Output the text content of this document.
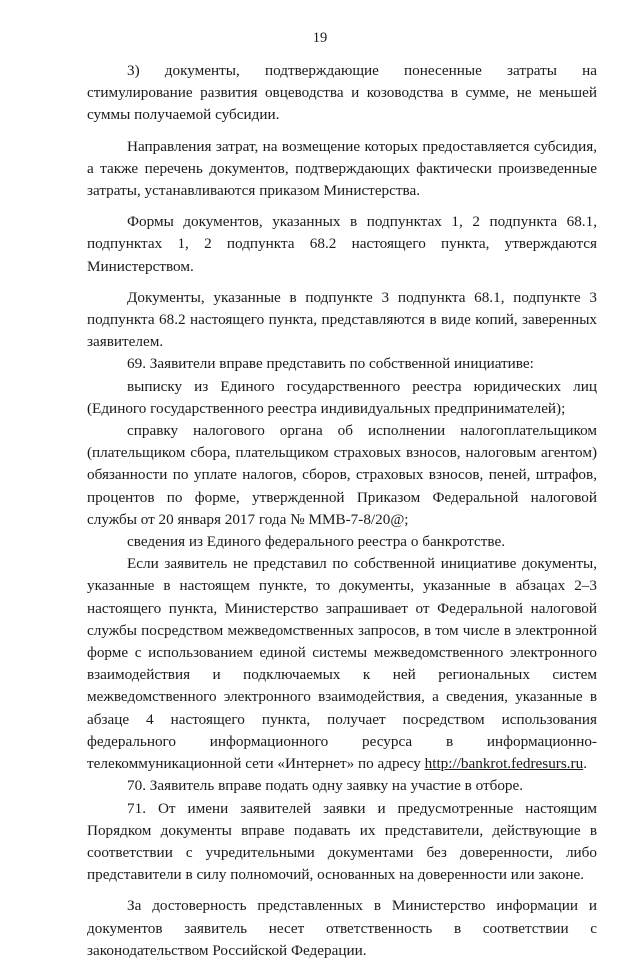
19

3) документы, подтверждающие понесенные затраты на стимулирование развития овцеводства и козоводства в сумме, не меньшей суммы получаемой субсидии.

Направления затрат, на возмещение которых предоставляется субсидия, а также перечень документов, подтверждающих фактически произведенные затраты, устанавливаются приказом Министерства.

Формы документов, указанных в подпунктах 1, 2 подпункта 68.1, подпунктах 1, 2 подпункта 68.2 настоящего пункта, утверждаются Министерством.

Документы, указанные в подпункте 3 подпункта 68.1, подпункте 3 подпункта 68.2 настоящего пункта, представляются в виде копий, заверенных заявителем.

69. Заявители вправе представить по собственной инициативе:

выписку из Единого государственного реестра юридических лиц (Единого государственного реестра индивидуальных предпринимателей);

справку налогового органа об исполнении налогоплательщиком (плательщиком сбора, плательщиком страховых взносов, налоговым агентом) обязанности по уплате налогов, сборов, страховых взносов, пеней, штрафов, процентов по форме, утвержденной Приказом Федеральной налоговой службы от 20 января 2017 года № ММВ-7-8/20@;

сведения из Единого федерального реестра о банкротстве.

Если заявитель не представил по собственной инициативе документы, указанные в настоящем пункте, то документы, указанные в абзацах 2–3 настоящего пункта, Министерство запрашивает от Федеральной налоговой службы посредством межведомственных запросов, в том числе в электронной форме с использованием единой системы межведомственного электронного взаимодействия и подключаемых к ней региональных систем межведомственного электронного взаимодействия, а сведения, указанные в абзаце 4 настоящего пункта, получает посредством использования федерального информационного ресурса в информационно-телекоммуникационной сети «Интернет» по адресу http://bankrot.fedresurs.ru.

70. Заявитель вправе подать одну заявку на участие в отборе.

71. От имени заявителей заявки и предусмотренные настоящим Порядком документы вправе подавать их представители, действующие в соответствии с учредительными документами без доверенности, либо представители в силу полномочий, основанных на доверенности или законе.

За достоверность представленных в Министерство информации и документов заявитель несет ответственность в соответствии с законодательством Российской Федерации.
